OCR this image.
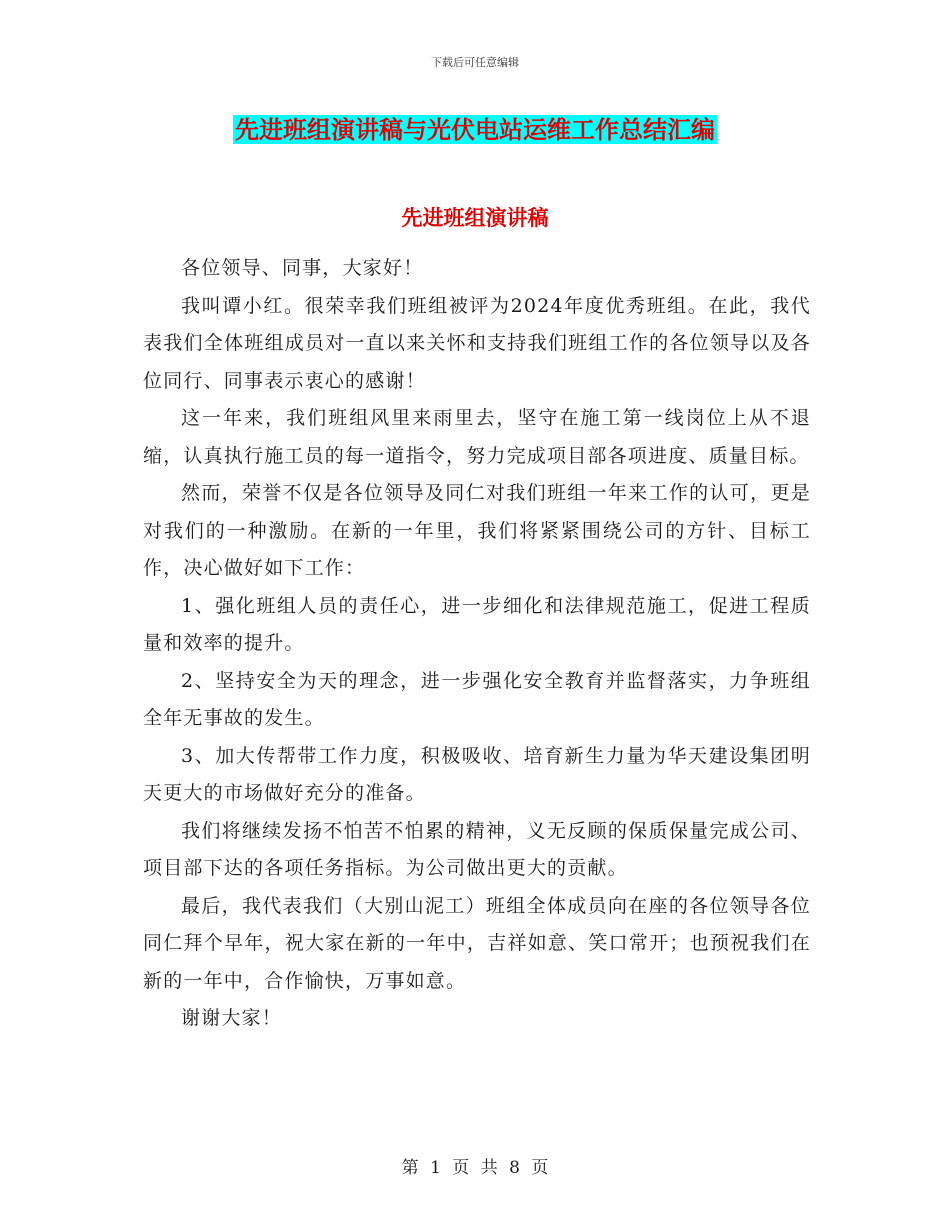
下载后可任意编辑
先进班组演讲稿与光伏电站运维工作总结汇编
先进班组演讲稿

各位领导、同事，大家好！

我叫谭小红。很荣幸我们班组被评为2024年度优秀班组。在此，我代表我们全体班组成员对一直以来关怀和支持我们班组工作的各位领导以及各位同行、同事表示衷心的感谢！

这一年来，我们班组风里来雨里去，坚守在施工第一线岗位上从不退缩，认真执行施工员的每一道指令，努力完成项目部各项进度、质量目标。

然而，荣誉不仅是各位领导及同仁对我们班组一年来工作的认可，更是对我们的一种激励。在新的一年里，我们将紧紧围绕公司的方针、目标工作，决心做好如下工作：

1、强化班组人员的责任心，进一步细化和法律规范施工，促进工程质量和效率的提升。

2、坚持安全为天的理念，进一步强化安全教育并监督落实，力争班组全年无事故的发生。

3、加大传帮带工作力度，积极吸收、培育新生力量为华天建设集团明天更大的市场做好充分的准备。

我们将继续发扬不怕苦不怕累的精神，义无反顾的保质保量完成公司、项目部下达的各项任务指标。为公司做出更大的贡献。

最后，我代表我们（大别山泥工）班组全体成员向在座的各位领导各位同仁拜个早年，祝大家在新的一年中，吉祥如意、笑口常开；也预祝我们在新的一年中，合作愉快，万事如意。

谢谢大家！

第 1 页 共 8 页
